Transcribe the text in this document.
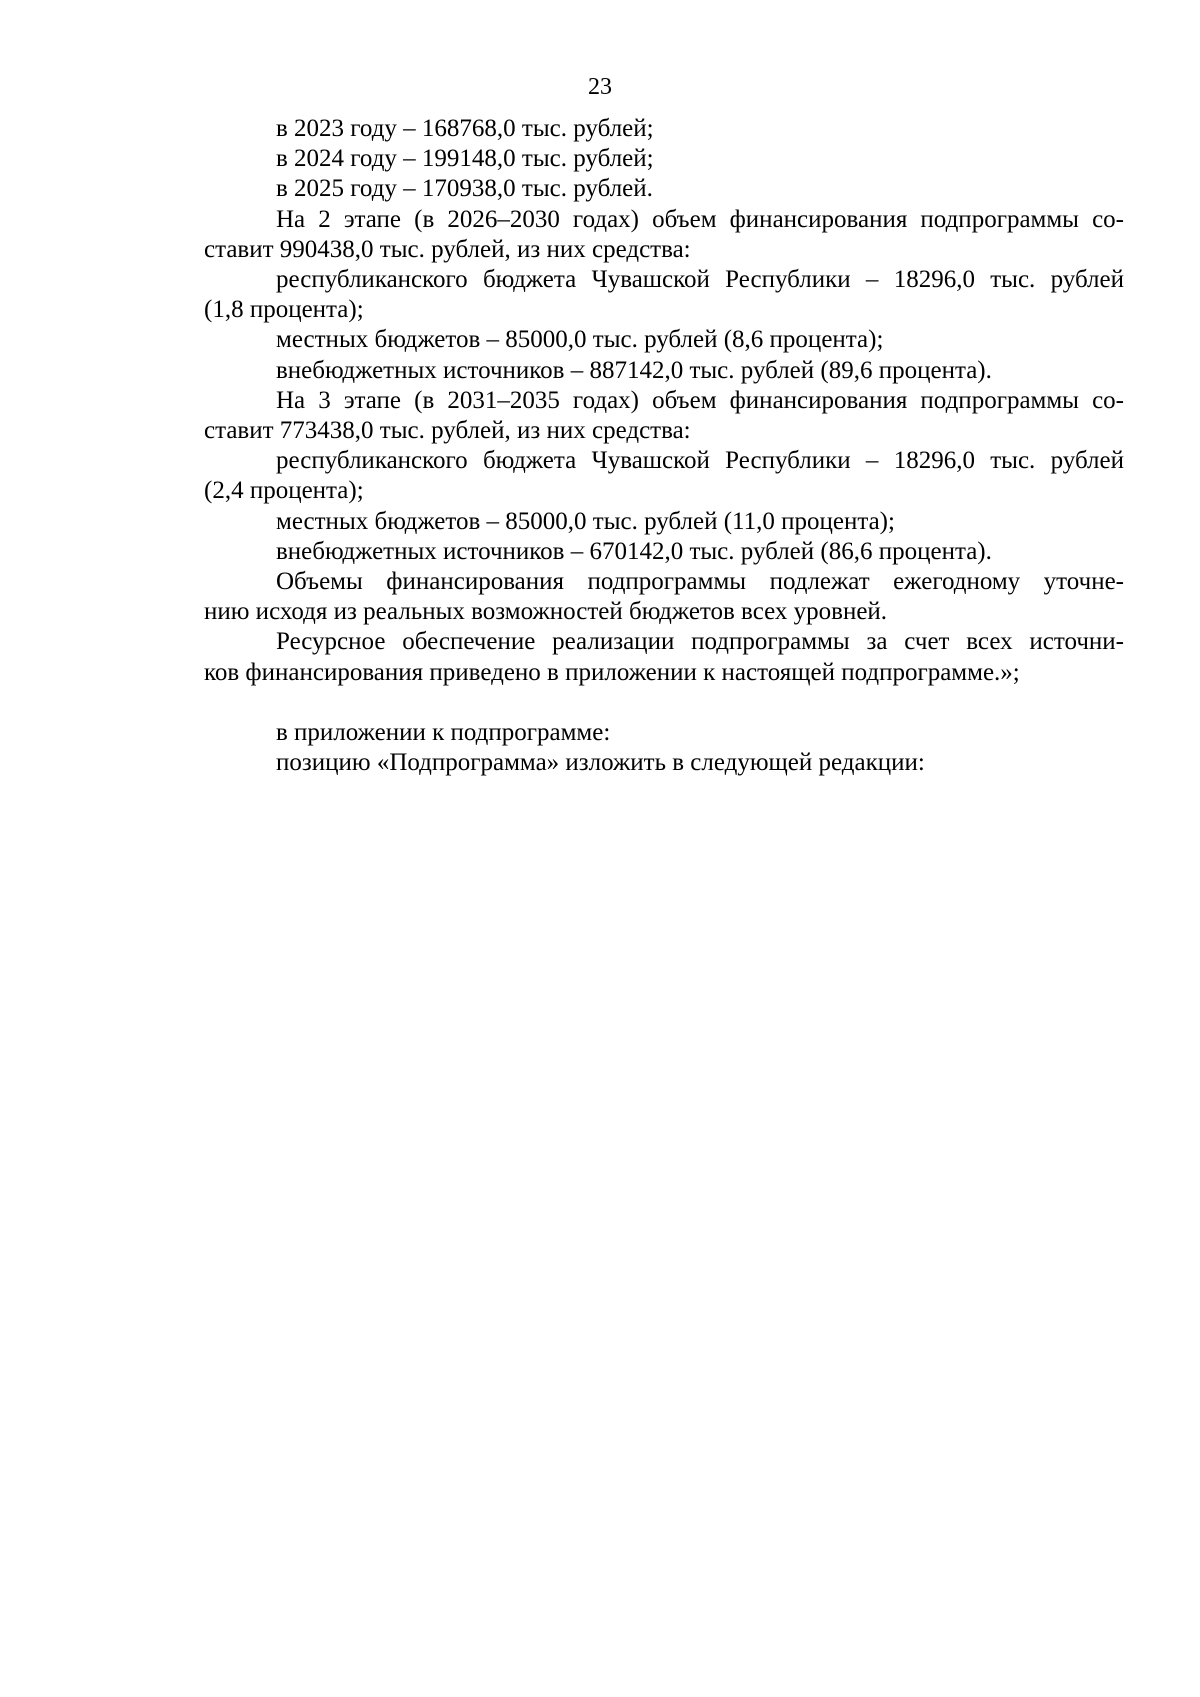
23

в 2023 году – 168768,0 тыс. рублей;

в 2024 году – 199148,0 тыс. рублей;

в 2025 году – 170938,0 тыс. рублей.

На 2 этапе (в 2026–2030 годах) объем финансирования подпрограммы со-

ставит 990438,0 тыс. рублей, из них средства:

республиканского бюджета Чувашской Республики – 18296,0 тыс. рублей

(1,8 процента);

местных бюджетов – 85000,0 тыс. рублей (8,6 процента);

внебюджетных источников – 887142,0 тыс. рублей (89,6 процента).

На 3 этапе (в 2031–2035 годах) объем финансирования подпрограммы со-

ставит 773438,0 тыс. рублей, из них средства:

республиканского бюджета Чувашской Республики – 18296,0 тыс. рублей

(2,4 процента);

местных бюджетов – 85000,0 тыс. рублей (11,0 процента);

внебюджетных источников – 670142,0 тыс. рублей (86,6 процента).

Объемы финансирования подпрограммы подлежат ежегодному уточне-

нию исходя из реальных возможностей бюджетов всех уровней.

Ресурсное обеспечение реализации подпрограммы за счет всех источни-

ков финансирования приведено в приложении к настоящей подпрограмме.»;

в приложении к подпрограмме:

позицию «Подпрограмма» изложить в следующей редакции:
